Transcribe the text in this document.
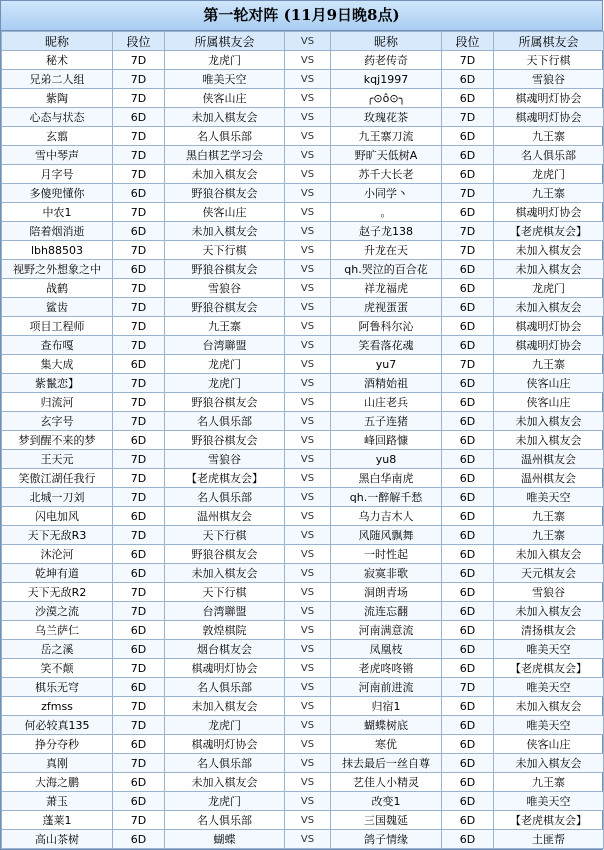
第一轮对阵 (11月9日晚8点)
昵称	段位	所属棋友会	VS	昵称	段位	所属棋友会
秘术	7D	龙虎门	VS	药老传奇	7D	天下行棋
兄弟二人组	7D	唯美天空	VS	kqj1997	6D	雪狼谷
紫陶	7D	侠客山庄	VS	╭⊙ô⊙╮	6D	棋魂明灯协会
心态与状态	6D	未加入棋友会	VS	玫瑰花茶	7D	棋魂明灯协会
玄翦	7D	名人俱乐部	VS	九王寨刀流	6D	九王寨
雪中琴声	7D	黑白棋艺学习会	VS	野旷天低树A	6D	名人俱乐部
月字号	7D	未加入棋友会	VS	苏千大长老	6D	龙虎门
多傻兜懂你	6D	野狼谷棋友会	VS	小同学丶	7D	九王寨
中农1	7D	侠客山庄	VS	。	6D	棋魂明灯协会
陪着烟消逝	6D	未加入棋友会	VS	赵子龙138	7D	【老虎棋友会】
lbh88503	7D	天下行棋	VS	升龙在天	7D	未加入棋友会
视野之外想象之中	6D	野狼谷棋友会	VS	qh.哭泣的百合花	6D	未加入棋友会
战鹤	7D	雪狼谷	VS	祥龙福虎	6D	龙虎门
鲨齿	7D	野狼谷棋友会	VS	虎视蛋蛋	6D	未加入棋友会
项目工程师	7D	九王寨	VS	阿鲁科尔沁	6D	棋魂明灯协会
查布嘎	7D	台湾聯盟	VS	笑看落花魂	6D	棋魂明灯协会
集大成	6D	龙虎门	VS	yu7	7D	九王寨
紫鬣恋】	7D	龙虎门	VS	酒精始祖	6D	侠客山庄
归流河	7D	野狼谷棋友会	VS	山庄老兵	6D	侠客山庄
玄字号	7D	名人俱乐部	VS	五子连猪	6D	未加入棋友会
梦到醒不来的梦	6D	野狼谷棋友会	VS	峰回路慷	6D	未加入棋友会
王天元	7D	雪狼谷	VS	yu8	6D	温州棋友会
笑傲江湖任我行	7D	【老虎棋友会】	VS	黑白华南虎	6D	温州棋友会
北城一刀刘	7D	名人俱乐部	VS	qh.一醉解千愁	6D	唯美天空
闪电加风	6D	温州棋友会	VS	乌力吉木人	6D	九王寨
天下无敌R3	7D	天下行棋	VS	风随风飘舞	6D	九王寨
沐沦河	6D	野狼谷棋友会	VS	一时性起	6D	未加入棋友会
乾坤有道	6D	未加入棋友会	VS	寂寞非歌	6D	天元棋友会
天下无敌R2	7D	天下行棋	VS	洞朗青场	6D	雪狼谷
沙漠之流	7D	台湾聯盟	VS	流连忘翻	6D	未加入棋友会
乌兰萨仁	6D	敦煌棋院	VS	河南满意流	6D	清扬棋友会
岳之溪	6D	烟台棋友会	VS	凤凰枝	6D	唯美天空
笑不颠	7D	棋魂明灯协会	VS	老虎咚咚锵	6D	【老虎棋友会】
棋乐无穹	6D	名人俱乐部	VS	河南前进流	7D	唯美天空
zfmss	7D	未加入棋友会	VS	归宿1	6D	未加入棋友会
何必较真135	7D	龙虎门	VS	蝴蝶树底	6D	唯美天空
挣分夺秒	6D	棋魂明灯协会	VS	寒优	6D	侠客山庄
真刚	7D	名人俱乐部	VS	抹去最后一丝自尊	6D	未加入棋友会
大海之鹏	6D	未加入棋友会	VS	艺佳人小精灵	6D	九王寨
萧玉	6D	龙虎门	VS	改变1	6D	唯美天空
蓬莱1	7D	名人俱乐部	VS	三国魏延	6D	【老虎棋友会】
高山茶树	6D	蝴蝶	VS	鸽子情缘	6D	土匪帮
